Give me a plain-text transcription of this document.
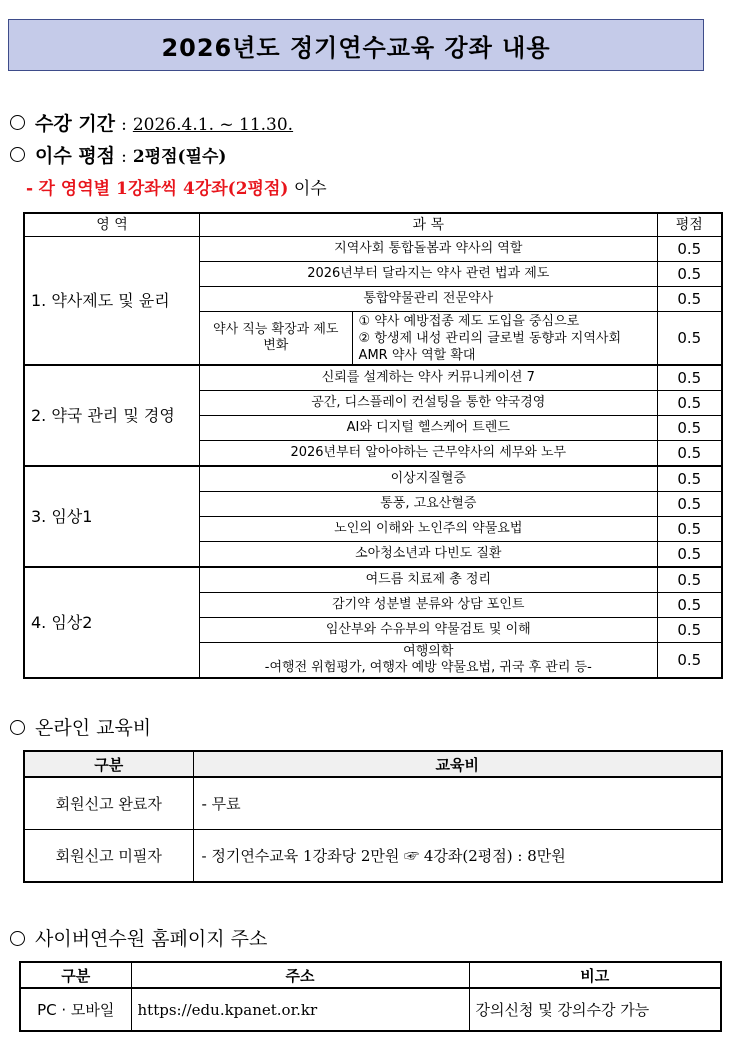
2026년도 정기연수교육 강좌 내용
수강 기간 : 2026.4.1. ~ 11.30.
이수 평점 : 2평점(필수)
- 각 영역별 1강좌씩 4강좌(2평점) 이수
영 역	과 목		평점
1. 약사제도 및 윤리	지역사회 통합돌봄과 약사의 역할		0.5
	2026년부터 달라지는 약사 관련 법과 제도		0.5
	통합약물관리 전문약사		0.5
	약사 직능 확장과 제도 변화	① 약사 예방접종 제도 도입을 중심으로
② 항생제 내성 관리의 글로벌 동향과 지역사회 AMR 약사 역할 확대	0.5
2. 약국 관리 및 경영	신뢰를 설계하는 약사 커뮤니케이션 7		0.5
	공간, 디스플레이 컨설팅을 통한 약국경영		0.5
	AI와 디지털 헬스케어 트렌드		0.5
	2026년부터 알아야하는 근무약사의 세무와 노무		0.5
3. 임상1	이상지질혈증		0.5
	통풍, 고요산혈증		0.5
	노인의 이해와 노인주의 약물요법		0.5
	소아청소년과 다빈도 질환		0.5
4. 임상2	여드름 치료제 총 정리		0.5
	감기약 성분별 분류와 상담 포인트		0.5
	임산부와 수유부의 약물검토 및 이해		0.5

	여행의학
-여행전 위험평가, 여행자 예방 약물요법, 귀국 후 관리 등-		0.5
온라인 교육비
구분	교육비
회원신고 완료자	- 무료
회원신고 미필자	- 정기연수교육 1강좌당 2만원 ☞ 4강좌(2평점) : 8만원
사이버연수원 홈페이지 주소
구분	주소	비고
PC · 모바일	https://edu.kpanet.or.kr	강의신청 및 강의수강 가능
